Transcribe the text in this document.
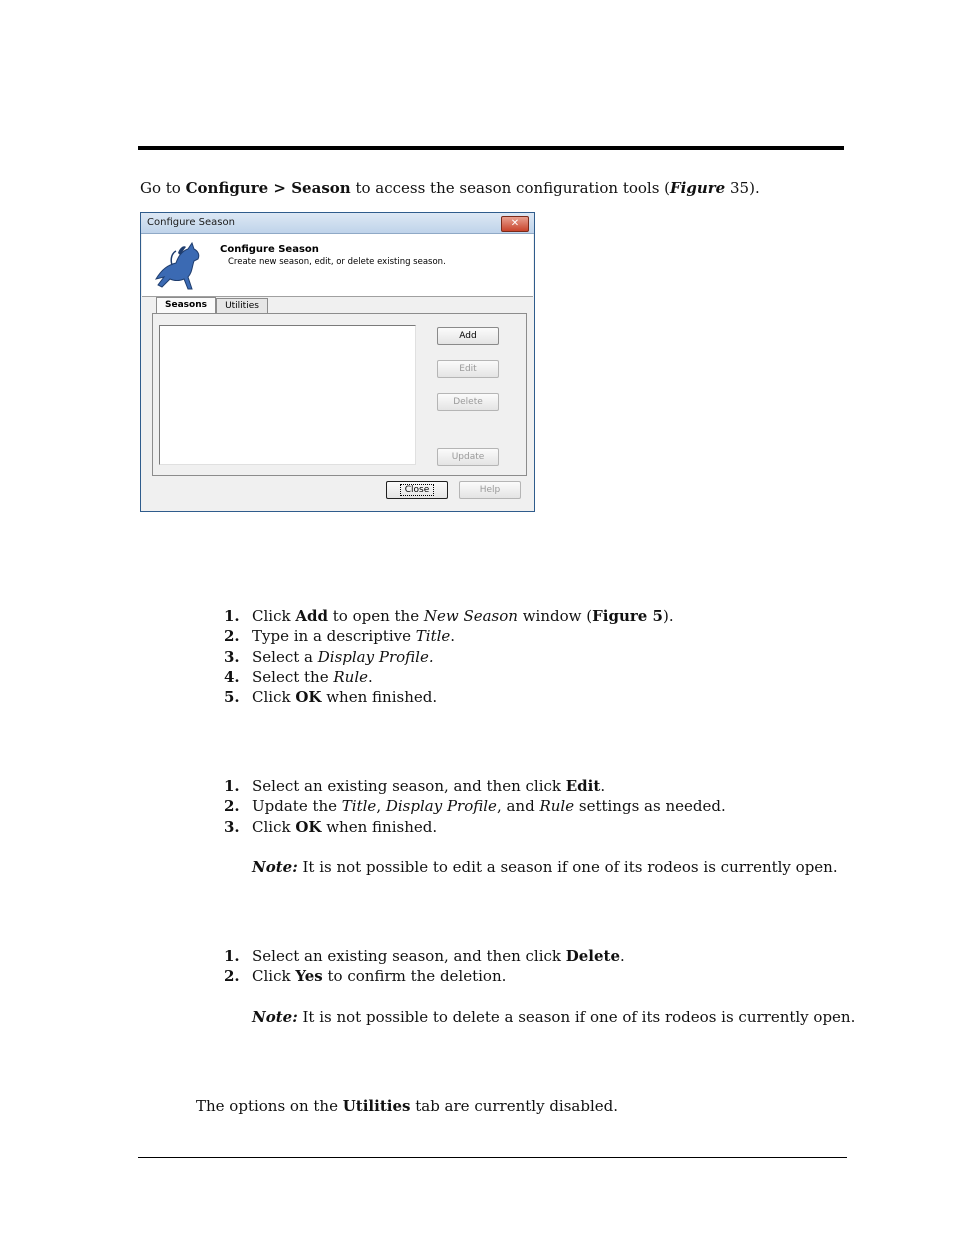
Go to Configure > Season to access the season configuration tools (Figure 35).
Configure Season	✕
Configure Season
Create new season, edit, or delete existing season.
Seasons	Utilities
Add
Edit
Delete
Update
Close	Help
1. Click Add to open the New Season window (Figure 5).
2. Type in a descriptive Title.
3. Select a Display Profile.
4. Select the Rule.
5. Click OK when finished.
1. Select an existing season, and then click Edit.
2. Update the Title, Display Profile, and Rule settings as needed.
3. Click OK when finished.
Note: It is not possible to edit a season if one of its rodeos is currently open.
1. Select an existing season, and then click Delete.
2. Click Yes to confirm the deletion.
Note: It is not possible to delete a season if one of its rodeos is currently open.
The options on the Utilities tab are currently disabled.
